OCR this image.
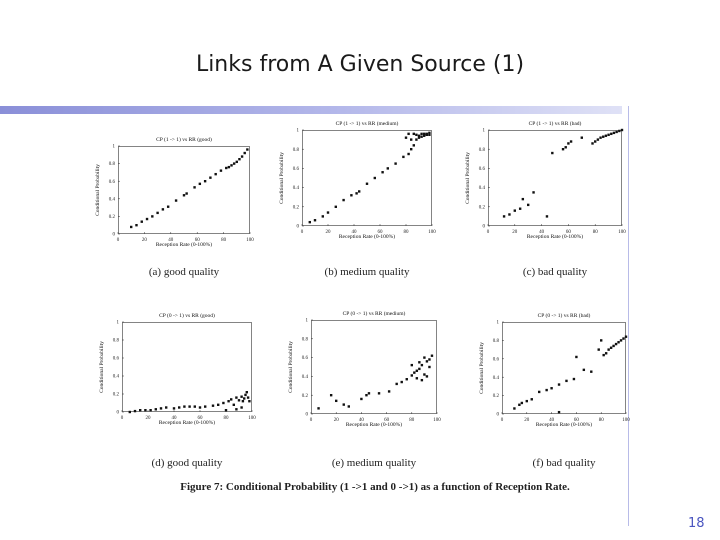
Links from A Given Source (1)
0	20	40	60	80	100
0
0.2
0.4
0.6
0.8
1
CP (1 -> 1) vs RR (good)
Reception Rate (0-100%)
Conditional Probability
(a) good quality
0	20	40	60	80	100
0
0.2
0.4
0.6
0.8
1
CP (1 -> 1) vs RR (medium)
Reception Rate (0-100%)
Conditional Probability
(b) medium quality
0	20	40	60	80	100
0
0.2
0.4
0.6
0.8
1
CP (1 -> 1) vs RR (bad)
Reception Rate (0-100%)
Conditional Probability
(c) bad quality
0	20	40	60	80	100
0
0.2
0.4
0.6
0.8
1
CP (0 -> 1) vs RR (good)
Reception Rate (0-100%)
Conditional Probability
(d) good quality
0	20	40	60	80	100
0
0.2
0.4
0.6
0.8
1
CP (0 -> 1) vs RR (medium)
Reception Rate (0-100%)
Conditional Probability
(e) medium quality
0	20	40	60	80	100
0
0.2
0.4
0.6
0.8
1
CP (0 -> 1) vs RR (bad)
Reception Rate (0-100%)
Conditional Probability
(f) bad quality
Figure 7: Conditional Probability (1 ->1 and 0 ->1) as a function of Reception Rate.
18
